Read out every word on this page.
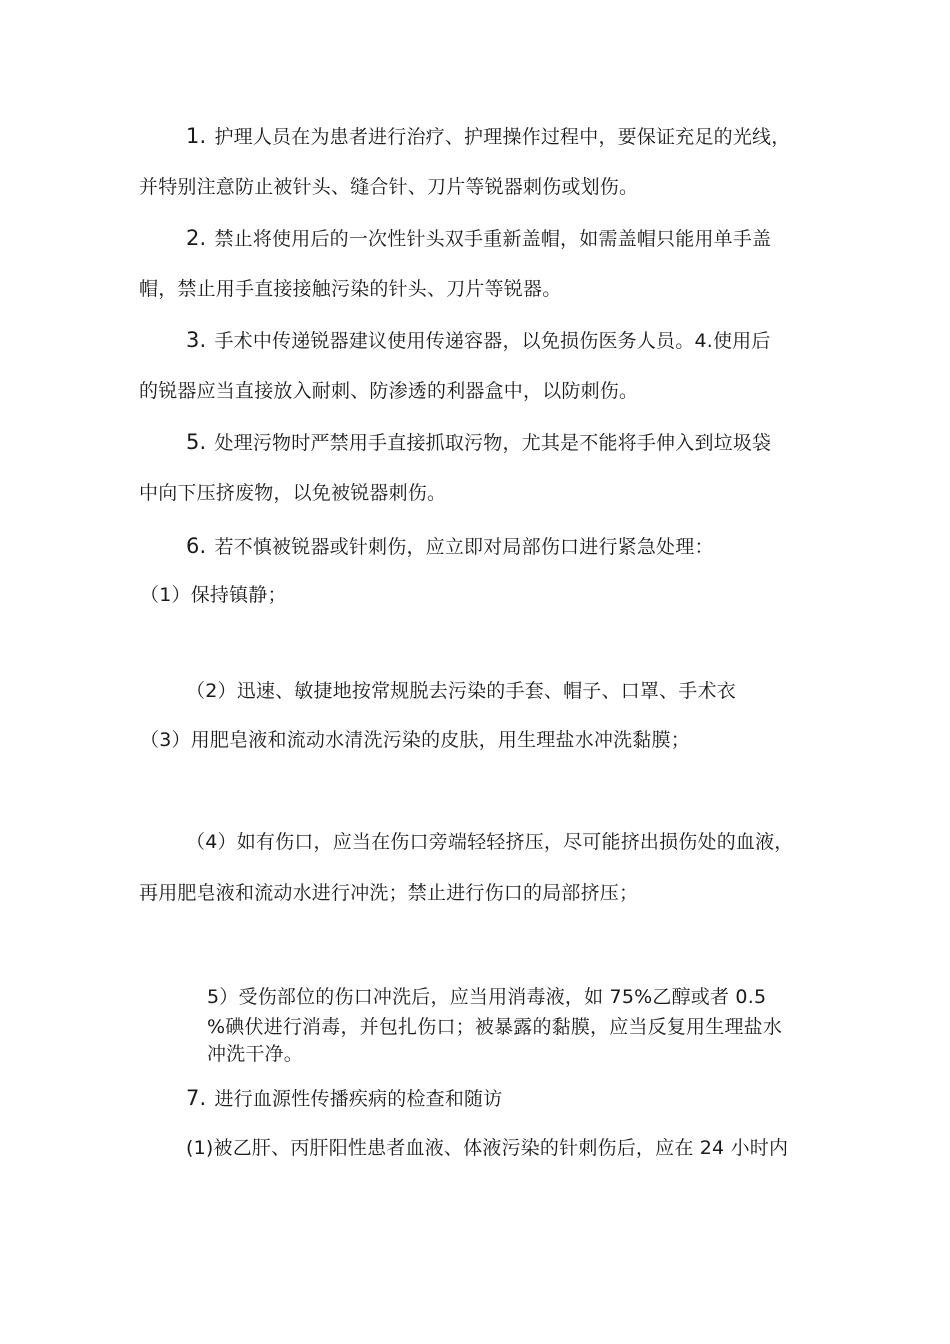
1. 护理人员在为患者进行治疗、护理操作过程中，要保证充足的光线，
并特别注意防止被针头、缝合针、刀片等锐器刺伤或划伤。
2. 禁止将使用后的一次性针头双手重新盖帽，如需盖帽只能用单手盖
帽，禁止用手直接接触污染的针头、刀片等锐器。
3. 手术中传递锐器建议使用传递容器，以免损伤医务人员。4.使用后
的锐器应当直接放入耐刺、防渗透的利器盒中，以防刺伤。
5. 处理污物时严禁用手直接抓取污物，尤其是不能将手伸入到垃圾袋
中向下压挤废物，以免被锐器刺伤。
6. 若不慎被锐器或针刺伤，应立即对局部伤口进行紧急处理：
（1）保持镇静；
（2）迅速、敏捷地按常规脱去污染的手套、帽子、口罩、手术衣
（3）用肥皂液和流动水清洗污染的皮肤，用生理盐水冲洗黏膜；
（4）如有伤口，应当在伤口旁端轻轻挤压，尽可能挤出损伤处的血液，
再用肥皂液和流动水进行冲洗；禁止进行伤口的局部挤压；
5）受伤部位的伤口冲洗后，应当用消毒液，如 75%乙醇或者 0.5
%碘伏进行消毒，并包扎伤口；被暴露的黏膜，应当反复用生理盐水
冲洗干净。
7. 进行血源性传播疾病的检查和随访
(1)被乙肝、丙肝阳性患者血液、体液污染的针刺伤后，应在 24 小时内
